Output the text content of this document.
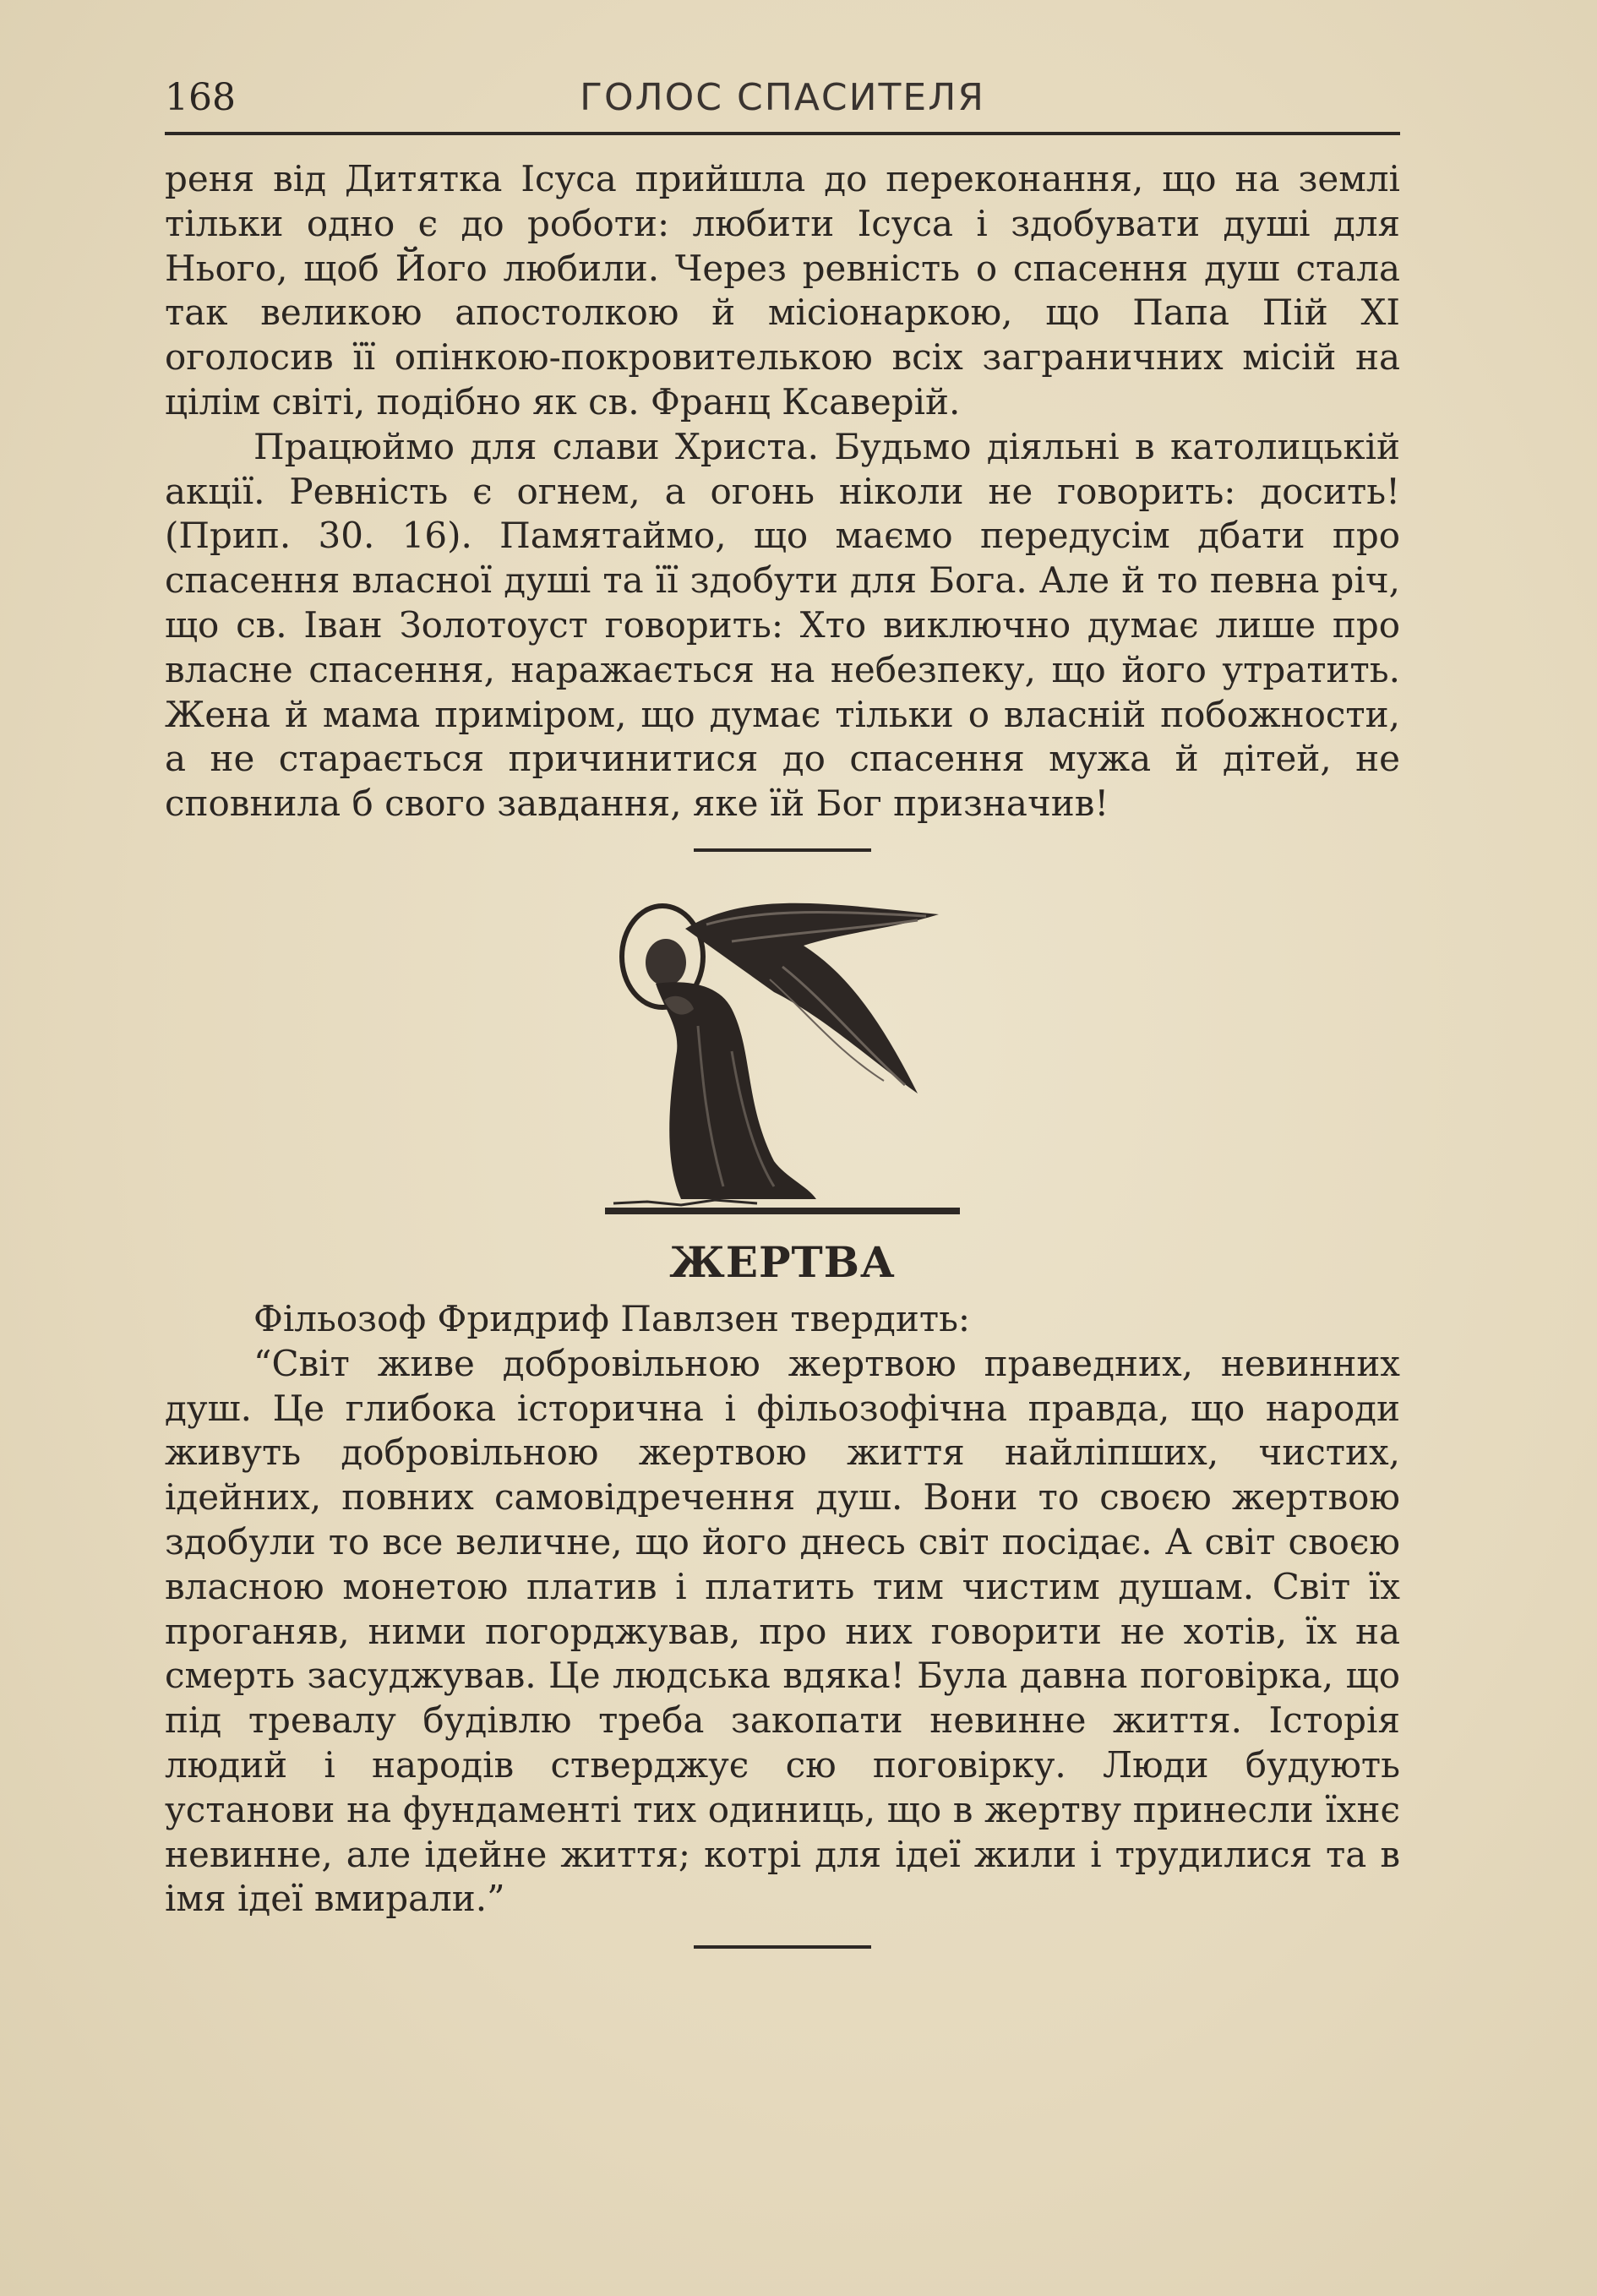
168	ГОЛОС СПАСИТЕЛЯ

реня від Дитятка Ісуса прийшла до переконання, що на землі тільки одно є до роботи: любити Ісуса і здобувати душі для Нього, щоб Його любили. Через ревність о спасення душ стала так великою апостолкою й місіонаркою, що Папа Пій XI оголосив її опінкою-покровителькою всіх заграничних місій на цілім світі, подібно як св. Франц Ксаверій.

Працюймо для слави Христа. Будьмо діяльні в католицькій акції. Ревність є огнем, а огонь ніколи не говорить: досить! (Прип. 30. 16). Памятаймо, що маємо передусім дбати про спасення власної душі та її здобути для Бога. Але й то певна річ, що св. Іван Золотоуст говорить: Хто виключно думає лише про власне спасення, наражається на небезпеку, що його утратить. Жена й мама приміром, що думає тільки о власній побожности, а не старається причинитися до спасення мужа й дітей, не сповнила б свого завдання, яке їй Бог призначив!

ЖЕРТВА

Фільозоф Фридриф Павлзен твердить:

“Світ живе добровільною жертвою праведних, невинних душ. Це глибока історична і фільозофічна правда, що народи живуть добровільною жертвою життя найліпших, чистих, ідейних, повних самовідречення душ. Вони то своєю жертвою здобули то все величне, що його днесь світ посідає. А світ своєю власною монетою платив і платить тим чистим душам. Світ їх проганяв, ними погорджував, про них говорити не хотів, їх на смерть засуджував. Це людська вдяка! Була давна поговірка, що під тревалу будівлю треба закопати невинне життя. Історія людий і народів стверджує сю поговірку. Люди будують установи на фундаменті тих одиниць, що в жертву принесли їхнє невинне, але ідейне життя; котрі для ідеї жили і трудилися та в імя ідеї вмирали.”
